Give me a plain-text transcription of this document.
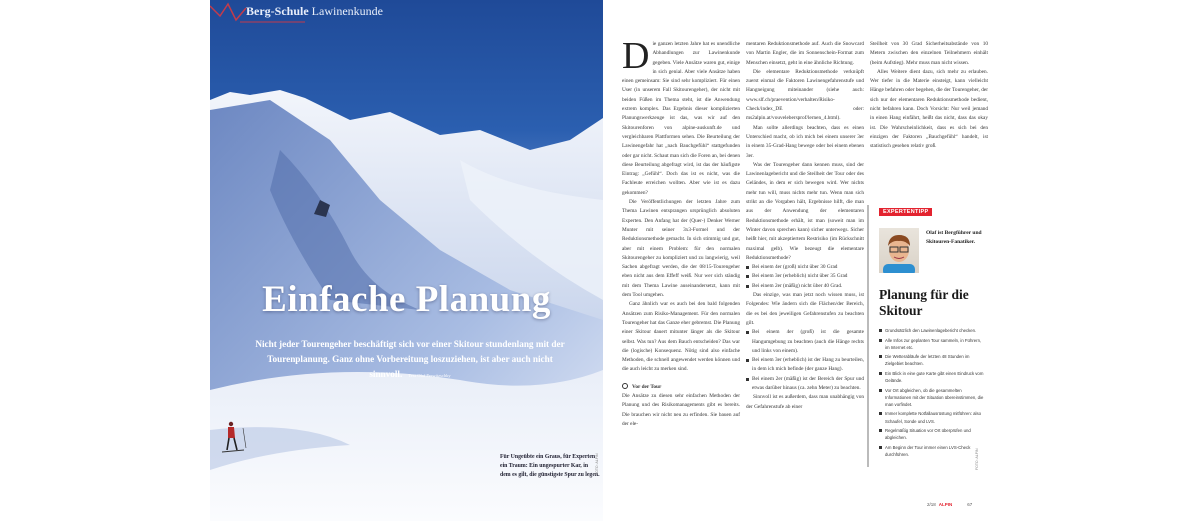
Berg-Schule Lawinenkunde
Einfache Planung

Nicht jeder Tourengeher beschäftigt sich vor einer Skitour stundenlang mit der Tourenplanung. Ganz ohne Vorbereitung loszuziehen, ist aber auch nicht sinnvoll. Text Olaf Perwitzschky

Für Ungeübte ein Graus, für Experten ein Traum: Ein ungespurter Kar, in dem es gilt, die günstigste Spur zu legen.

FOTO: ALPIN

Die ganzen letzten Jahre hat es unendliche Abhandlungen zur Lawinenkunde gegeben. Viele Ansätze waren gut, einige in sich genial. Aber viele Ansätze haben einen gemeinsam: Sie sind sehr kompliziert. Für einen User (in unserem Fall Skitourengeher), der nicht mit beiden Füßen im Thema steht, ist die Anwendung extrem komplex. Das Ergebnis dieser komplizierten Planungswerkzeuge ist das, was wir auf den Skitourenforen von alpine-auskunft.de und vergleichbaren Plattformen sehen. Die Beurteilung der Lawinengefahr hat „nach Bauchgefühl“ stattgefunden oder gar nicht. Schaut man sich die Foren an, bei denen diese Beurteilung abgefragt wird, ist das der häufigste Eintrag: „Gefühl“. Doch das ist es nicht, was die Fachleute erreichen wollten. Aber wie ist es dazu gekommen?

Die Veröffentlichungen der letzten Jahre zum Thema Lawinen entsprangen ursprünglich absoluten Experten. Den Anfang hat der (Quer-) Denker Werner Munter mit seiner 3x3-Formel und der Reduktionsmethode gemacht. In sich stimmig und gut, aber mit einem Problem: für den normalen Skitourengeher zu kompliziert und zu langwierig, weil Sachen abgefragt werden, die der 08/15-Tourengeher eben nicht aus dem Effeff weiß. Nur wer sich ständig mit dem Thema Lawine auseinandersetzt, kann mit dem Tool umgehen.

Ganz ähnlich war es auch bei den bald folgenden Ansätzen zum Risiko-Management. Für den normalen Tourengeher hat das Ganze eher gebremst. Die Planung einer Skitour dauert mitunter länger als die Skitour selbst. Was tun? Aus dem Bauch entscheiden? Das war die (logische) Konsequenz. Nötig sind also einfache Methoden, die schnell angewendet werden können und die auch leicht zu merken sind.

Vor der Tour

Die Ansätze zu diesen sehr einfachen Methoden der Planung und des Risikomanagements gibt es bereits. Die brauchen wir nicht neu zu erfinden. Sie bauen auf der ele-

mentaren Reduktionsmethode auf. Auch die Snowcard von Martin Engler, die im Sonnenschein-Format zum Menschen einsetzt, geht in eine ähnliche Richtung.

Die elementare Reduktionsmethode verknüpft zuerst einmal die Faktoren Lawinengefahrenstufe und Hangneigung miteinander (siehe auch: www.slf.ch/praevention/verhalten/Risiko-Check/index_DE oder: ms2alpin.at/vouvelebersprof/lernen_4.html).

Man sollte allerdings beachten, dass es einen Unterschied macht, ob ich mich bei einem unserer 3er in einem 35-Grad-Hang bewege oder bei einem ebenen 3er.

Was der Tourengeher dann kennen muss, sind der Lawinenlagebericht und die Steilheit der Tour oder des Geländes, in dem er sich bewegen wird. Wer nichts mehr tun will, muss nichts mehr tun. Wenn man sich strikt an die Vorgaben hält, Ergebnisse hilft, die man aus der Anwendung der elementaren Reduktionsmethode erhält, ist man (soweit man im Winter davon sprechen kann) sicher unterwegs. Sicher heißt hier, mit akzeptiertem Restrisiko (im Rückschnitt maximal gelb). Wie bezeugt die elementare Reduktionsmethode?

Bei einem 4er (groß) nicht über 30 Grad
Bei einem 3er (erheblich) nicht über 35 Grad
Bei einem 2er (mäßig) nicht über 40 Grad.

Das einzige, was man jetzt noch wissen muss, ist Folgendes: Wie ändern sich die Flächen/der Bereich, die es bei den jeweiligen Gefahrenstufen zu beachten gilt.

Bei einem 4er (groß) ist die gesamte Hangumgebung zu beachten (auch die Hänge rechts und links von einem).
Bei einem 3er (erheblich) ist der Hang zu beurteilen, in dem ich mich befinde (der ganze Hang).
Bei einem 2er (mäßig) ist der Bereich der Spur und etwas darüber hinaus (ca. zehn Meter) zu beachten.

Sinnvoll ist es außerdem, dass man unabhängig von der Gefahrenstufe ab einer

Steilheit von 30 Grad Sicherheitsabstände von 10 Metern zwischen den einzelnen Teilnehmern einhält (beim Aufstieg). Mehr muss man nicht wissen.

Alles Weitere dient dazu, sich mehr zu erlauben. Wer tiefer in die Materie einsteigt, kann vielleicht Hänge befahren oder begehen, die der Tourengeher, der sich nur der elementaren Reduktionsmethode bedient, nicht befahren kann. Doch Vorsicht: Nur weil jemand in einen Hang einfährt, heißt das nicht, dass das okay ist. Die Wahrscheinlichkeit, dass es sich bei den einzigen der Faktoren „Bauchgefühl“ handelt, ist statistisch gesehen relativ groß.

EXPERTENTIPP

Olaf ist Bergführer und Skitouren-Fanatiker.

Planung für die Skitour
Grundsätzlich den Lawinenlagebericht checken.
Alle Infos zur geplanten Tour sammeln, in Führern, im Internet etc.
Die Wetterabläufe der letzten 48 Stunden im Zielgebiet beachten.
Ein Blick in eine gute Karte gibt einen Eindruck vom Gelände.
Vor Ort abgleichen, ob die gesammelten Informationen mit der Situation übereinstimmen, die man vorfindet.
Immer komplette Notfallausrüstung mitführen: also Schaufel, Sonde und LVS.
Regelmäßig Situation vor Ort überprüfen und abgleichen.
Am Beginn der Tour immer einen LVS-Check durchführen.	FOTO: ALPIN
2/18 ALPIN	67
